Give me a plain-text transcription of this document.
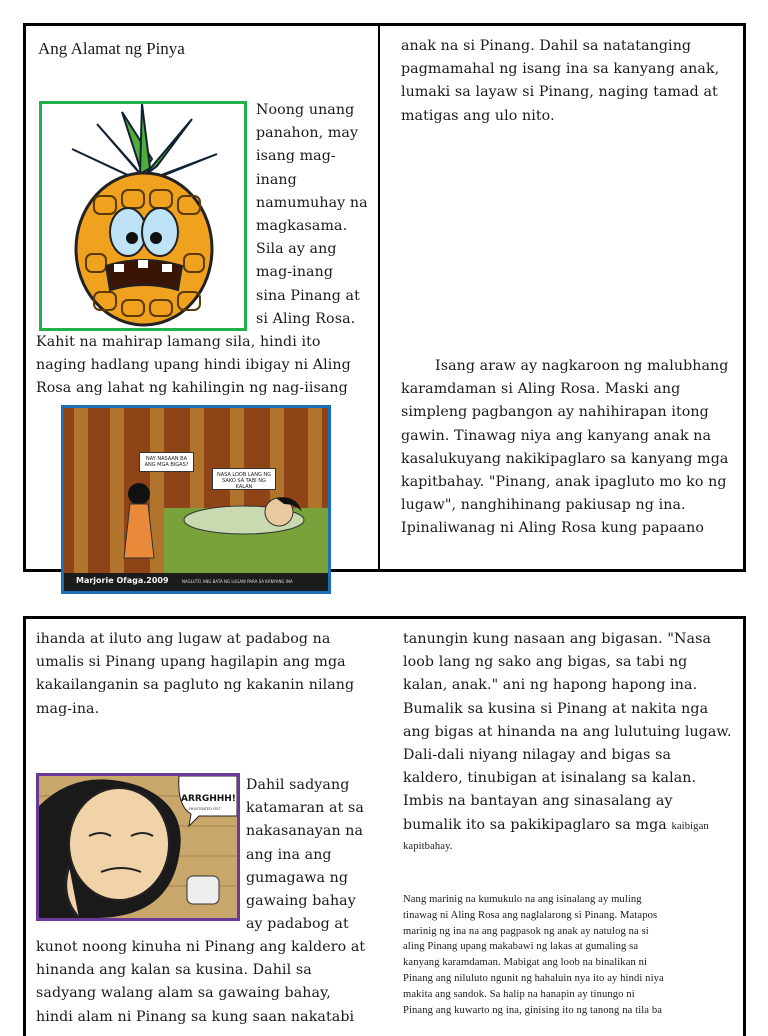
Ang Alamat ng Pinya

Noong unang

panahon, may

isang mag-

inang

namumuhay na

magkasama.

Sila ay ang

mag-inang

sina Pinang at

si Aling Rosa.

Kahit na mahirap lamang sila, hindi ito

naging hadlang upang hindi ibigay ni Aling

Rosa ang lahat ng kahilingin ng nag-iisang

anak na si Pinang. Dahil sa natatanging

pagmamahal ng isang ina sa kanyang anak,

lumaki sa layaw si Pinang, naging tamad at

matigas ang ulo nito.

Isang araw ay nagkaroon ng malubhang

karamdaman si Aling Rosa. Maski ang

simpleng pagbangon ay nahihirapan itong

gawin. Tinawag niya ang kanyang anak na

kasalukuyang nakikipaglaro sa kanyang mga

kapitbahay. "Pinang, anak ipagluto mo ko ng

lugaw", nanghihinang pakiusap ng ina.

Ipinaliwanag ni Aling Rosa kung papaano

NAY NASAAN BA ANG MGA BIGAS?
NASA LOOB LANG NG SAKO SA TABI NG KALAN
Marjorie Ofaga.2009	NAGLUTO ANG BATA NG LUGAW PARA SA KANYANG INA

ihanda at iluto ang lugaw at padabog na

umalis si Pinang upang hagilapin ang mga

kakailanganin sa pagluto ng kakanin nilang

mag-ina.

ARRGHHH!
FRUSTRATED FELT

Dahil sadyang

katamaran at sa

nakasanayan na

ang ina ang

gumagawa ng

gawaing bahay

ay padabog at

kunot noong kinuha ni Pinang ang kaldero at

hinanda ang kalan sa kusina. Dahil sa

sadyang walang alam sa gawaing bahay,

hindi alam ni Pinang sa kung saan nakatabi

tanungin kung nasaan ang bigasan. "Nasa

loob lang ng sako ang bigas, sa tabi ng

kalan, anak." ani ng hapong hapong ina.

Bumalik sa kusina si Pinang at nakita nga

ang bigas at hinanda na ang lulutuing lugaw.

Dali-dali niyang nilagay and bigas sa

kaldero, tinubigan at isinalang sa kalan.

Imbis na bantayan ang sinasalang ay

bumalik ito sa pakikipaglaro sa mga kaibigan

kapitbahay.

Nang marinig na kumukulo na ang isinalang ay muling

tinawag ni Aling Rosa ang naglalarong si Pinang. Matapos

marinig ng ina na ang pagpasok ng anak ay natulog na si

aling Pinang upang makabawi ng lakas at gumaling sa

kanyang karamdaman. Mabigat ang loob na binalikan ni

Pinang ang niluluto ngunit ng hahaluin nya ito ay hindi niya

makita ang sandok. Sa halip na hanapin ay tinungo ni

Pinang ang kuwarto ng ina, ginising ito ng tanong na tila ba
